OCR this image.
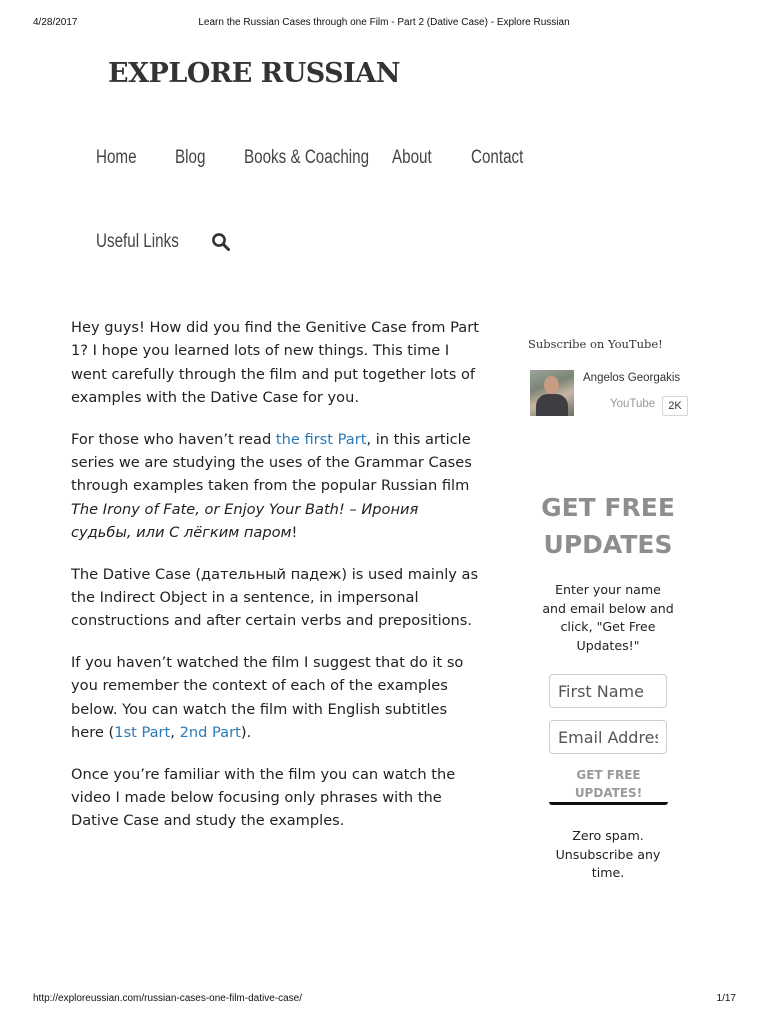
4/28/2017	Learn the Russian Cases through one Film - Part 2 (Dative Case) - Explore Russian
EXPLORE RUSSIAN
Home Blog Books & Coaching About Contact
Useful Links

Hey guys! How did you find the Genitive Case from Part 1? I hope you learned lots of new things. This time I went carefully through the film and put together lots of examples with the Dative Case for you.

For those who haven’t read the first Part, in this article series we are studying the uses of the Grammar Cases through examples taken from the popular Russian film The Irony of Fate, or Enjoy Your Bath! – Ирония судьбы, или С лёгким паром!

The Dative Case (дательный падеж) is used mainly as the Indirect Object in a sentence, in impersonal constructions and after certain verbs and prepositions.

If you haven’t watched the film I suggest that do it so you remember the context of each of the examples below. You can watch the film with English subtitles here (1st Part, 2nd Part).

Once you’re familiar with the film you can watch the video I made below focusing only phrases with the Dative Case and study the examples.

Subscribe on YouTube!
Angelos Georgakis
YouTube	2K
GET FREE UPDATES

Enter your name and email below and click, "Get Free Updates!"

First Name
Email Address
GET FREE UPDATES!

Zero spam. Unsubscribe any time.

http://exploreussian.com/russian-cases-one-film-dative-case/	1/17
